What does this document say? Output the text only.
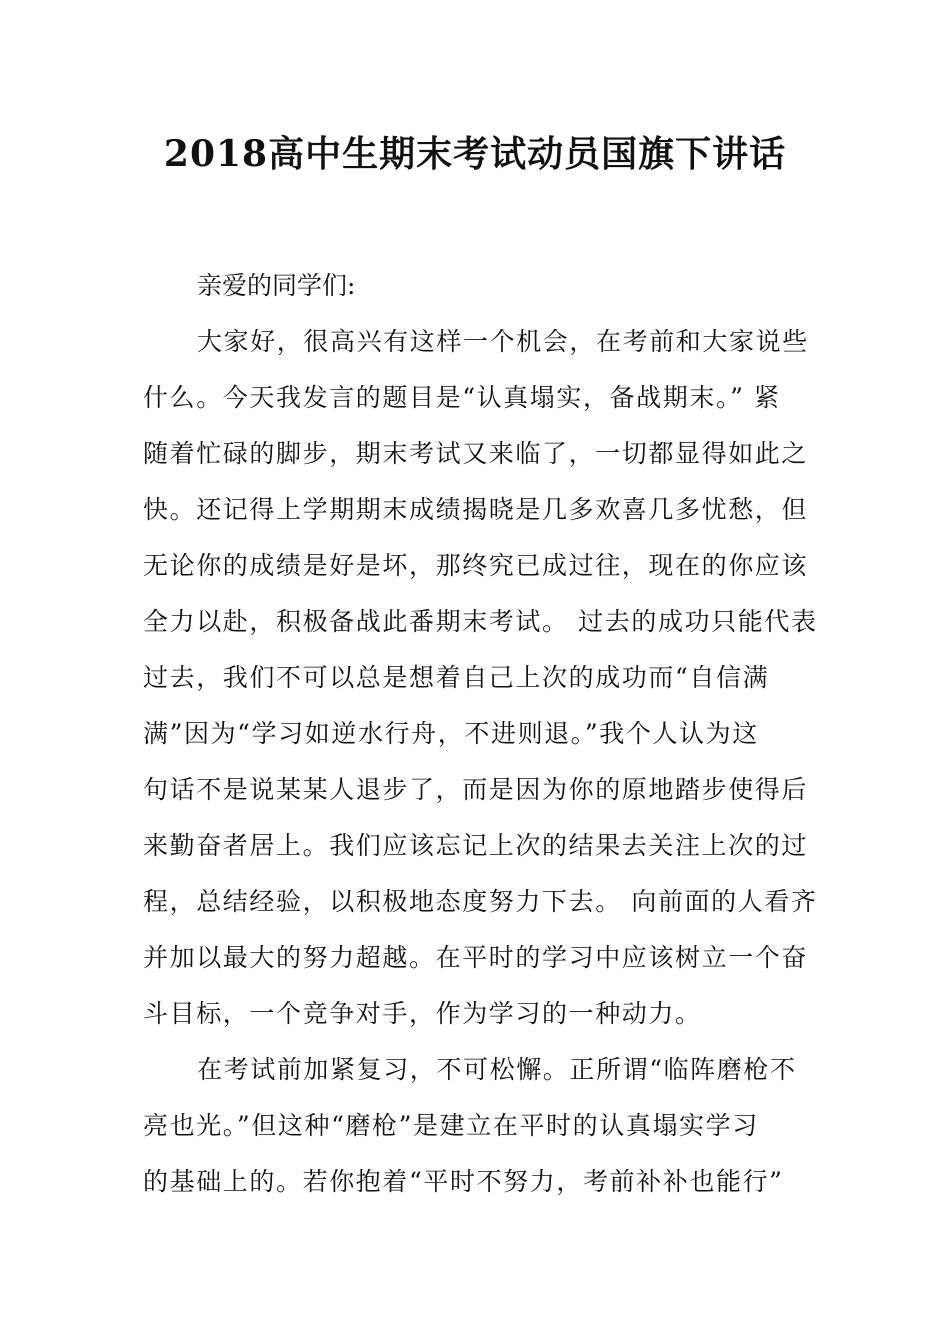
2018高中生期末考试动员国旗下讲话

亲爱的同学们:

大家好，很高兴有这样一个机会，在考前和大家说些
什么。今天我发言的题目是“认真塌实，备战期末。” 紧
随着忙碌的脚步，期末考试又来临了，一切都显得如此之
快。还记得上学期期末成绩揭晓是几多欢喜几多忧愁，但
无论你的成绩是好是坏，那终究已成过往，现在的你应该
全力以赴，积极备战此番期末考试。 过去的成功只能代表
过去，我们不可以总是想着自己上次的成功而“自信满
满”因为“学习如逆水行舟，不进则退。”我个人认为这
句话不是说某某人退步了，而是因为你的原地踏步使得后
来勤奋者居上。我们应该忘记上次的结果去关注上次的过
程，总结经验，以积极地态度努力下去。 向前面的人看齐
并加以最大的努力超越。在平时的学习中应该树立一个奋
斗目标，一个竞争对手，作为学习的一种动力。

在考试前加紧复习，不可松懈。正所谓“临阵磨枪不
亮也光。”但这种“磨枪”是建立在平时的认真塌实学习
的基础上的。若你抱着“平时不努力，考前补补也能行”
